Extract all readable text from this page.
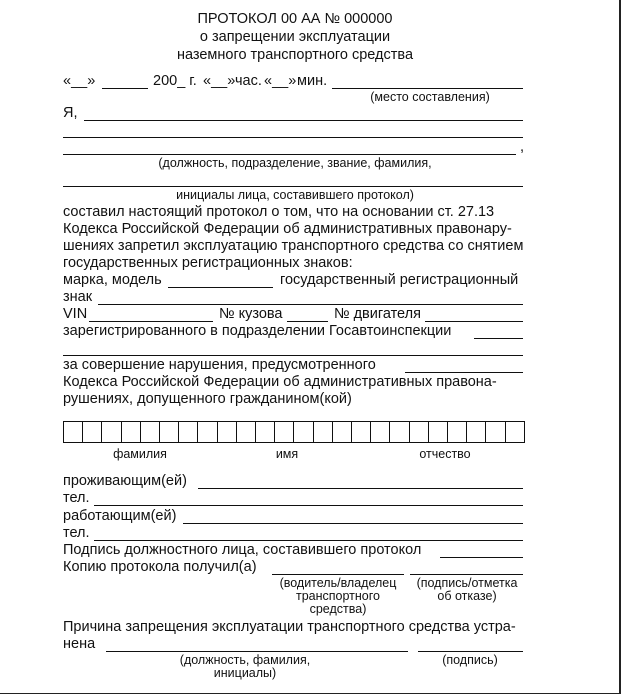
ПРОТОКОЛ 00 АА № 000000
о запрещении эксплуатации
наземного транспортного средства
«__»	200_ г. «__» час. «__» мин.
(место составления)
Я,
,
(должность, подразделение, звание, фамилия,
инициалы лица, составившего протокол)
составил настоящий протокол о том, что на основании ст. 27.13
Кодекса Российской Федерации об административных правонару-
шениях запретил эксплуатацию транспортного средства со снятием
государственных регистрационных знаков:
марка, модель	государственный регистрационный
знак
VIN	№ кузова	№ двигателя
зарегистрированного в подразделении Госавтоинспекции
за совершение нарушения, предусмотренного
Кодекса Российской Федерации об административных правона-
рушениях, допущенного гражданином(кой)
фамилия	имя	отчество
проживающим(ей)
тел.
работающим(ей)
тел.
Подпись должностного лица, составившего протокол
Копию протокола получил(а)
(водитель/владелец
транспортного
средства)
(подпись/отметка
об отказе)
Причина запрещения эксплуатации транспортного средства устра-
нена
(должность, фамилия,
инициалы)
(подпись)
